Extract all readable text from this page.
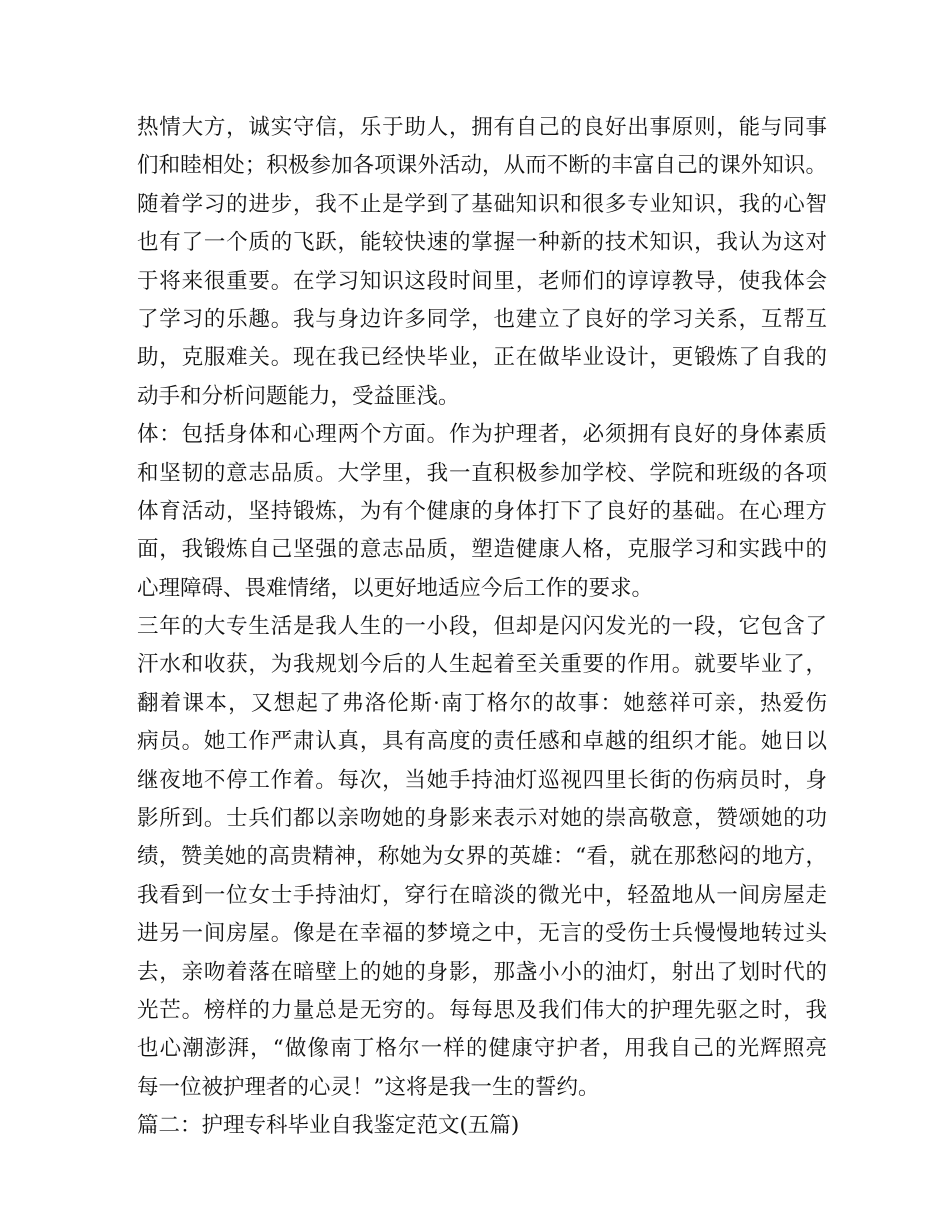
热情大方，诚实守信，乐于助人，拥有自己的良好出事原则，能与同事
们和睦相处；积极参加各项课外活动，从而不断的丰富自己的课外知识。
随着学习的进步，我不止是学到了基础知识和很多专业知识，我的心智
也有了一个质的飞跃，能较快速的掌握一种新的技术知识，我认为这对
于将来很重要。在学习知识这段时间里，老师们的谆谆教导，使我体会
了学习的乐趣。我与身边许多同学，也建立了良好的学习关系，互帮互
助，克服难关。现在我已经快毕业，正在做毕业设计，更锻炼了自我的
动手和分析问题能力，受益匪浅。
体：包括身体和心理两个方面。作为护理者，必须拥有良好的身体素质
和坚韧的意志品质。大学里，我一直积极参加学校、学院和班级的各项
体育活动，坚持锻炼，为有个健康的身体打下了良好的基础。在心理方
面，我锻炼自己坚强的意志品质，塑造健康人格，克服学习和实践中的
心理障碍、畏难情绪，以更好地适应今后工作的要求。
三年的大专生活是我人生的一小段，但却是闪闪发光的一段，它包含了
汗水和收获，为我规划今后的人生起着至关重要的作用。就要毕业了，
翻着课本，又想起了弗洛伦斯·南丁格尔的故事：她慈祥可亲，热爱伤
病员。她工作严肃认真，具有高度的责任感和卓越的组织才能。她日以
继夜地不停工作着。每次，当她手持油灯巡视四里长街的伤病员时，身
影所到。士兵们都以亲吻她的身影来表示对她的崇高敬意，赞颂她的功
绩，赞美她的高贵精神，称她为女界的英雄：“看，就在那愁闷的地方，
我看到一位女士手持油灯，穿行在暗淡的微光中，轻盈地从一间房屋走
进另一间房屋。像是在幸福的梦境之中，无言的受伤士兵慢慢地转过头
去，亲吻着落在暗壁上的她的身影，那盏小小的油灯，射出了划时代的
光芒。榜样的力量总是无穷的。每每思及我们伟大的护理先驱之时，我
也心潮澎湃，“做像南丁格尔一样的健康守护者，用我自己的光辉照亮
每一位被护理者的心灵！”这将是我一生的誓约。
篇二：护理专科毕业自我鉴定范文(五篇)
